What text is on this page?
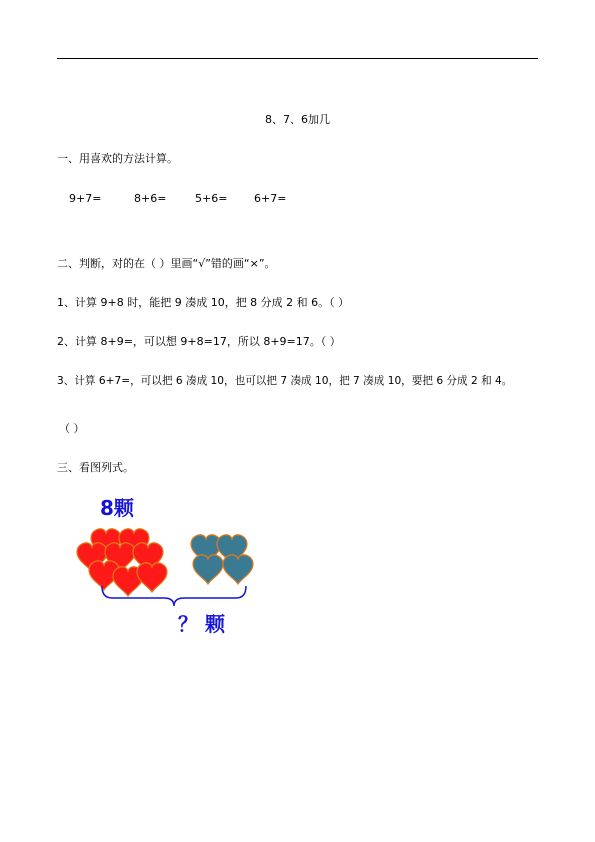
8、7、6加几
一、用喜欢的方法计算。
9+7=	8+6=	5+6= 6+7=
二、判断，对的在（ ）里画“√”错的画“×”。
1、计算 9+8 时，能把 9 凑成 10，把 8 分成 2 和 6。（ ）
2、计算 8+9=，可以想 9+8=17，所以 8+9=17。（ ）
3、计算 6+7=，可以把 6 凑成 10，也可以把 7 凑成 10，把 7 凑成 10，要把 6 分成 2 和 4。
（ ）
三、看图列式。
8颗
？ 颗
